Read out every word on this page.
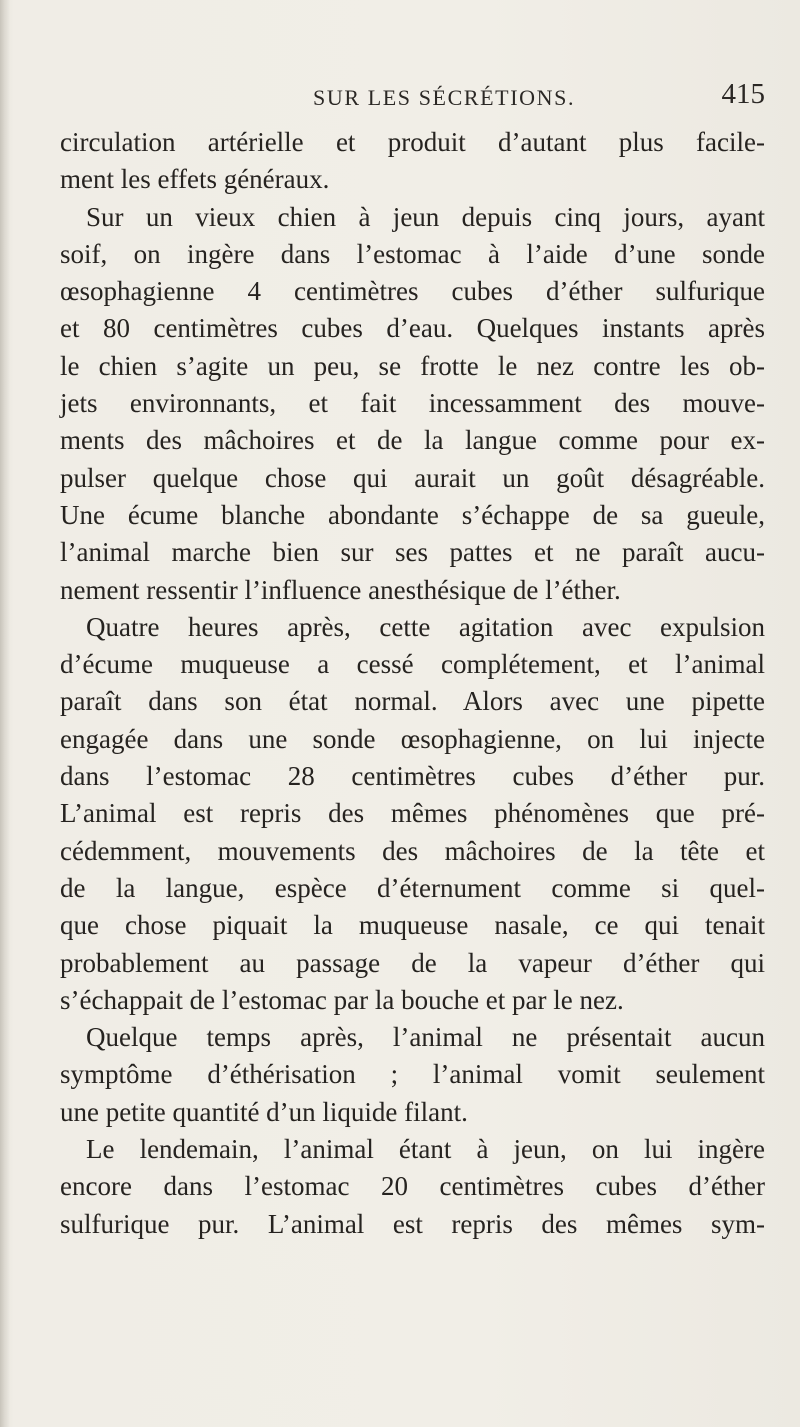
SUR LES SÉCRÉTIONS.	415
circulation artérielle et produit d’autant plus facile-
ment les effets généraux.
Sur un vieux chien à jeun depuis cinq jours, ayant
soif, on ingère dans l’estomac à l’aide d’une sonde
œsophagienne 4 centimètres cubes d’éther sulfurique
et 80 centimètres cubes d’eau. Quelques instants après
le chien s’agite un peu, se frotte le nez contre les ob-
jets environnants, et fait incessamment des mouve-
ments des mâchoires et de la langue comme pour ex-
pulser quelque chose qui aurait un goût désagréable.
Une écume blanche abondante s’échappe de sa gueule,
l’animal marche bien sur ses pattes et ne paraît aucu-
nement ressentir l’influence anesthésique de l’éther.
Quatre heures après, cette agitation avec expulsion
d’écume muqueuse a cessé complétement, et l’animal
paraît dans son état normal. Alors avec une pipette
engagée dans une sonde œsophagienne, on lui injecte
dans l’estomac 28 centimètres cubes d’éther pur.
L’animal est repris des mêmes phénomènes que pré-
cédemment, mouvements des mâchoires de la tête et
de la langue, espèce d’éternument comme si quel-
que chose piquait la muqueuse nasale, ce qui tenait
probablement au passage de la vapeur d’éther qui
s’échappait de l’estomac par la bouche et par le nez.
Quelque temps après, l’animal ne présentait aucun
symptôme d’éthérisation ; l’animal vomit seulement
une petite quantité d’un liquide filant.
Le lendemain, l’animal étant à jeun, on lui ingère
encore dans l’estomac 20 centimètres cubes d’éther
sulfurique pur. L’animal est repris des mêmes sym-
